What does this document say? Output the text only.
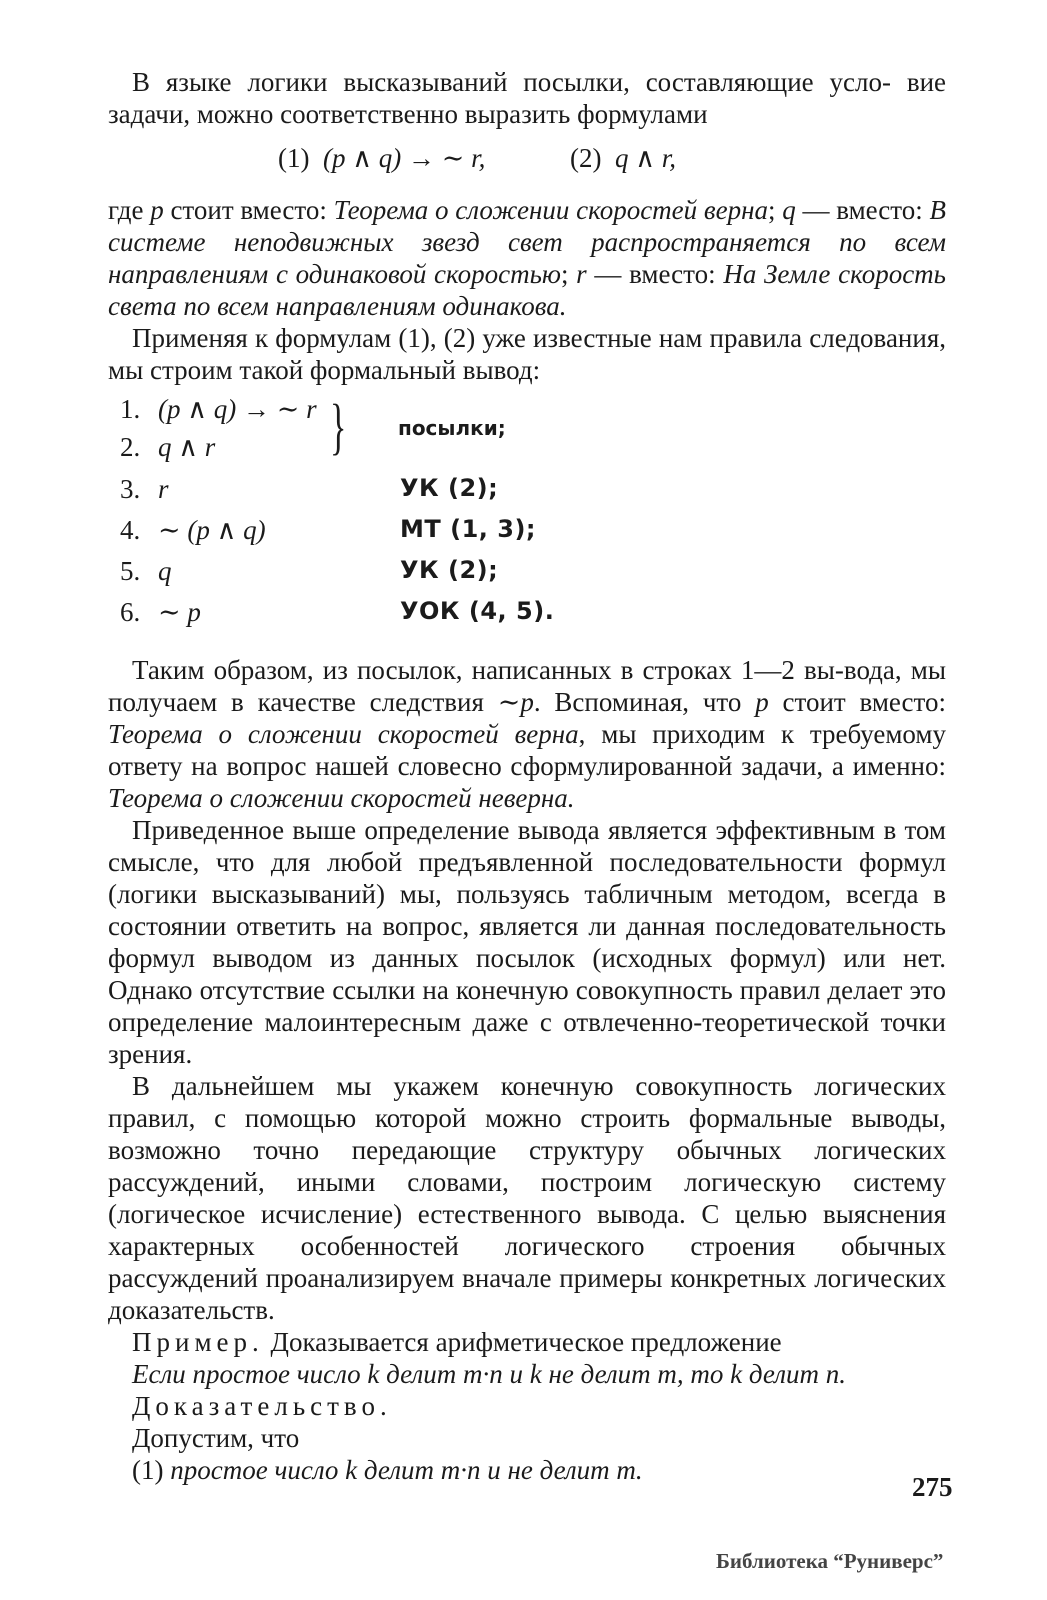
В языке логики высказываний посылки, составляющие усло- вие задачи, можно соответственно выразить формулами

(1) (p ∧ q) → ∼ r,	(2) q ∧ r,

где p стоит вместо: Теорема о сложении скоростей верна; q — вместо: В системе неподвижных звезд свет распространяется по всем направлениям с одинаковой скоростью; r — вместо: На Земле скорость света по всем направлениям одинакова.

Применяя к формулам (1), (2) уже известные нам правила следования, мы строим такой формальный вывод:

1. (p ∧ q) → ∼ r
2. q ∧ r }	посылки;
3. r	УК (2);
4. ∼ (p ∧ q)	МТ (1, 3);
5. q	УК (2);
6. ∼ p	УОК (4, 5).

Таким образом, из посылок, написанных в строках 1—2 вы-вода, мы получаем в качестве следствия ∼p. Вспоминая, что p стоит вместо: Теорема о сложении скоростей верна, мы приходим к требуемому ответу на вопрос нашей словесно сформулированной задачи, а именно: Теорема о сложении скоростей неверна.

Приведенное выше определение вывода является эффективным в том смысле, что для любой предъявленной последовательности формул (логики высказываний) мы, пользуясь табличным методом, всегда в состоянии ответить на вопрос, является ли данная последовательность формул выводом из данных посылок (исходных формул) или нет. Однако отсутствие ссылки на конечную совокупность правил делает это определение малоинтересным даже с отвлеченно-теоретической точки зрения.

В дальнейшем мы укажем конечную совокупность логических правил, с помощью которой можно строить формальные выводы, возможно точно передающие структуру обычных логических рассуждений, иными словами, построим логическую систему (логическое исчисление) естественного вывода. С целью выяснения характерных особенностей логического строения обычных рассуждений проанализируем вначале примеры конкретных логических доказательств.

Пример. Доказывается арифметическое предложение

Если простое число k делит m·n и k не делит m, то k делит n.

Доказательство.

Допустим, что

(1) простое число k делит m·n и не делит m.

275
Библиотека “Руниверс”
